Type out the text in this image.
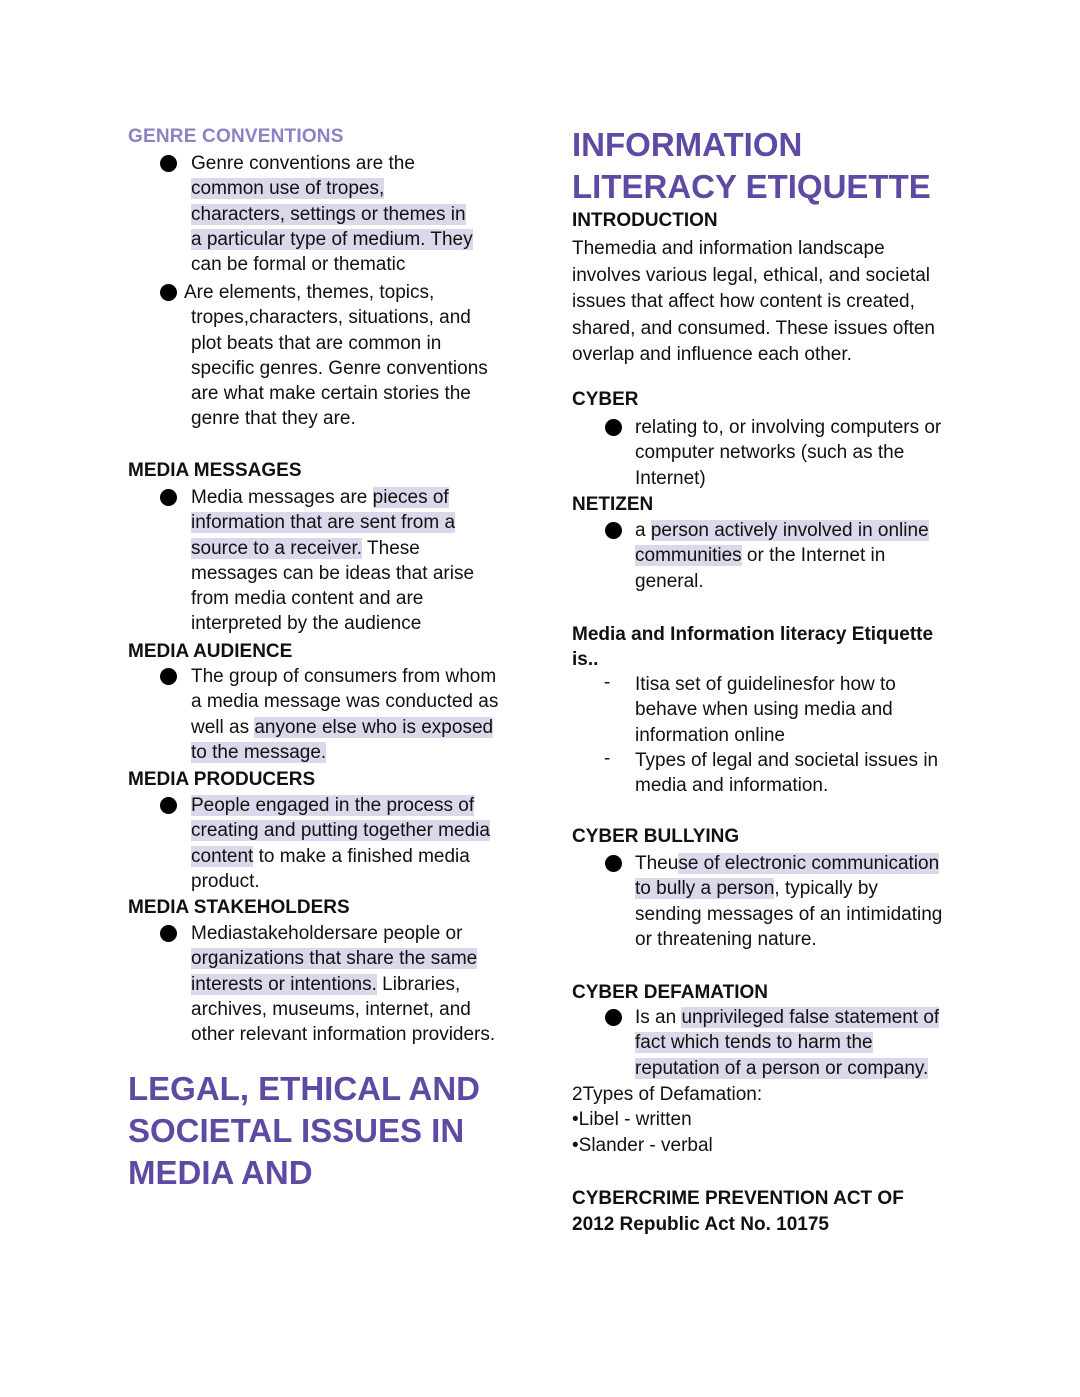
GENRE CONVENTIONS
Genre conventions are the
common use of tropes,
characters, settings or themes in
a particular type of medium. They
can be formal or thematic
Are elements, themes, topics,
tropes,characters, situations, and
plot beats that are common in
specific genres. Genre conventions
are what make certain stories the
genre that they are.
MEDIA MESSAGES
Media messages are pieces of
information that are sent from a
source to a receiver. These
messages can be ideas that arise
from media content and are
interpreted by the audience
MEDIA AUDIENCE
The group of consumers from whom
a media message was conducted as
well as anyone else who is exposed
to the message.
MEDIA PRODUCERS
People engaged in the process of
creating and putting together media
content to make a finished media
product.
MEDIA STAKEHOLDERS
Mediastakeholdersare people or
organizations that share the same
interests or intentions. Libraries,
archives, museums, internet, and
other relevant information providers.
LEGAL, ETHICAL AND
SOCIETAL ISSUES IN
MEDIA AND
INFORMATION
LITERACY ETIQUETTE
INTRODUCTION
Themedia and information landscape
involves various legal, ethical, and societal
issues that affect how content is created,
shared, and consumed. These issues often
overlap and influence each other.
CYBER
relating to, or involving computers or
computer networks (such as the
Internet)
NETIZEN
a person actively involved in online
communities or the Internet in
general.
Media and Information literacy Etiquette
is..
- Itisa set of guidelinesfor how to
behave when using media and
information online
- Types of legal and societal issues in
media and information.
CYBER BULLYING
Theuse of electronic communication
to bully a person, typically by
sending messages of an intimidating
or threatening nature.
CYBER DEFAMATION
Is an unprivileged false statement of
fact which tends to harm the
reputation of a person or company.
2Types of Defamation:
•Libel - written
•Slander - verbal
CYBERCRIME PREVENTION ACT OF
2012 Republic Act No. 10175
